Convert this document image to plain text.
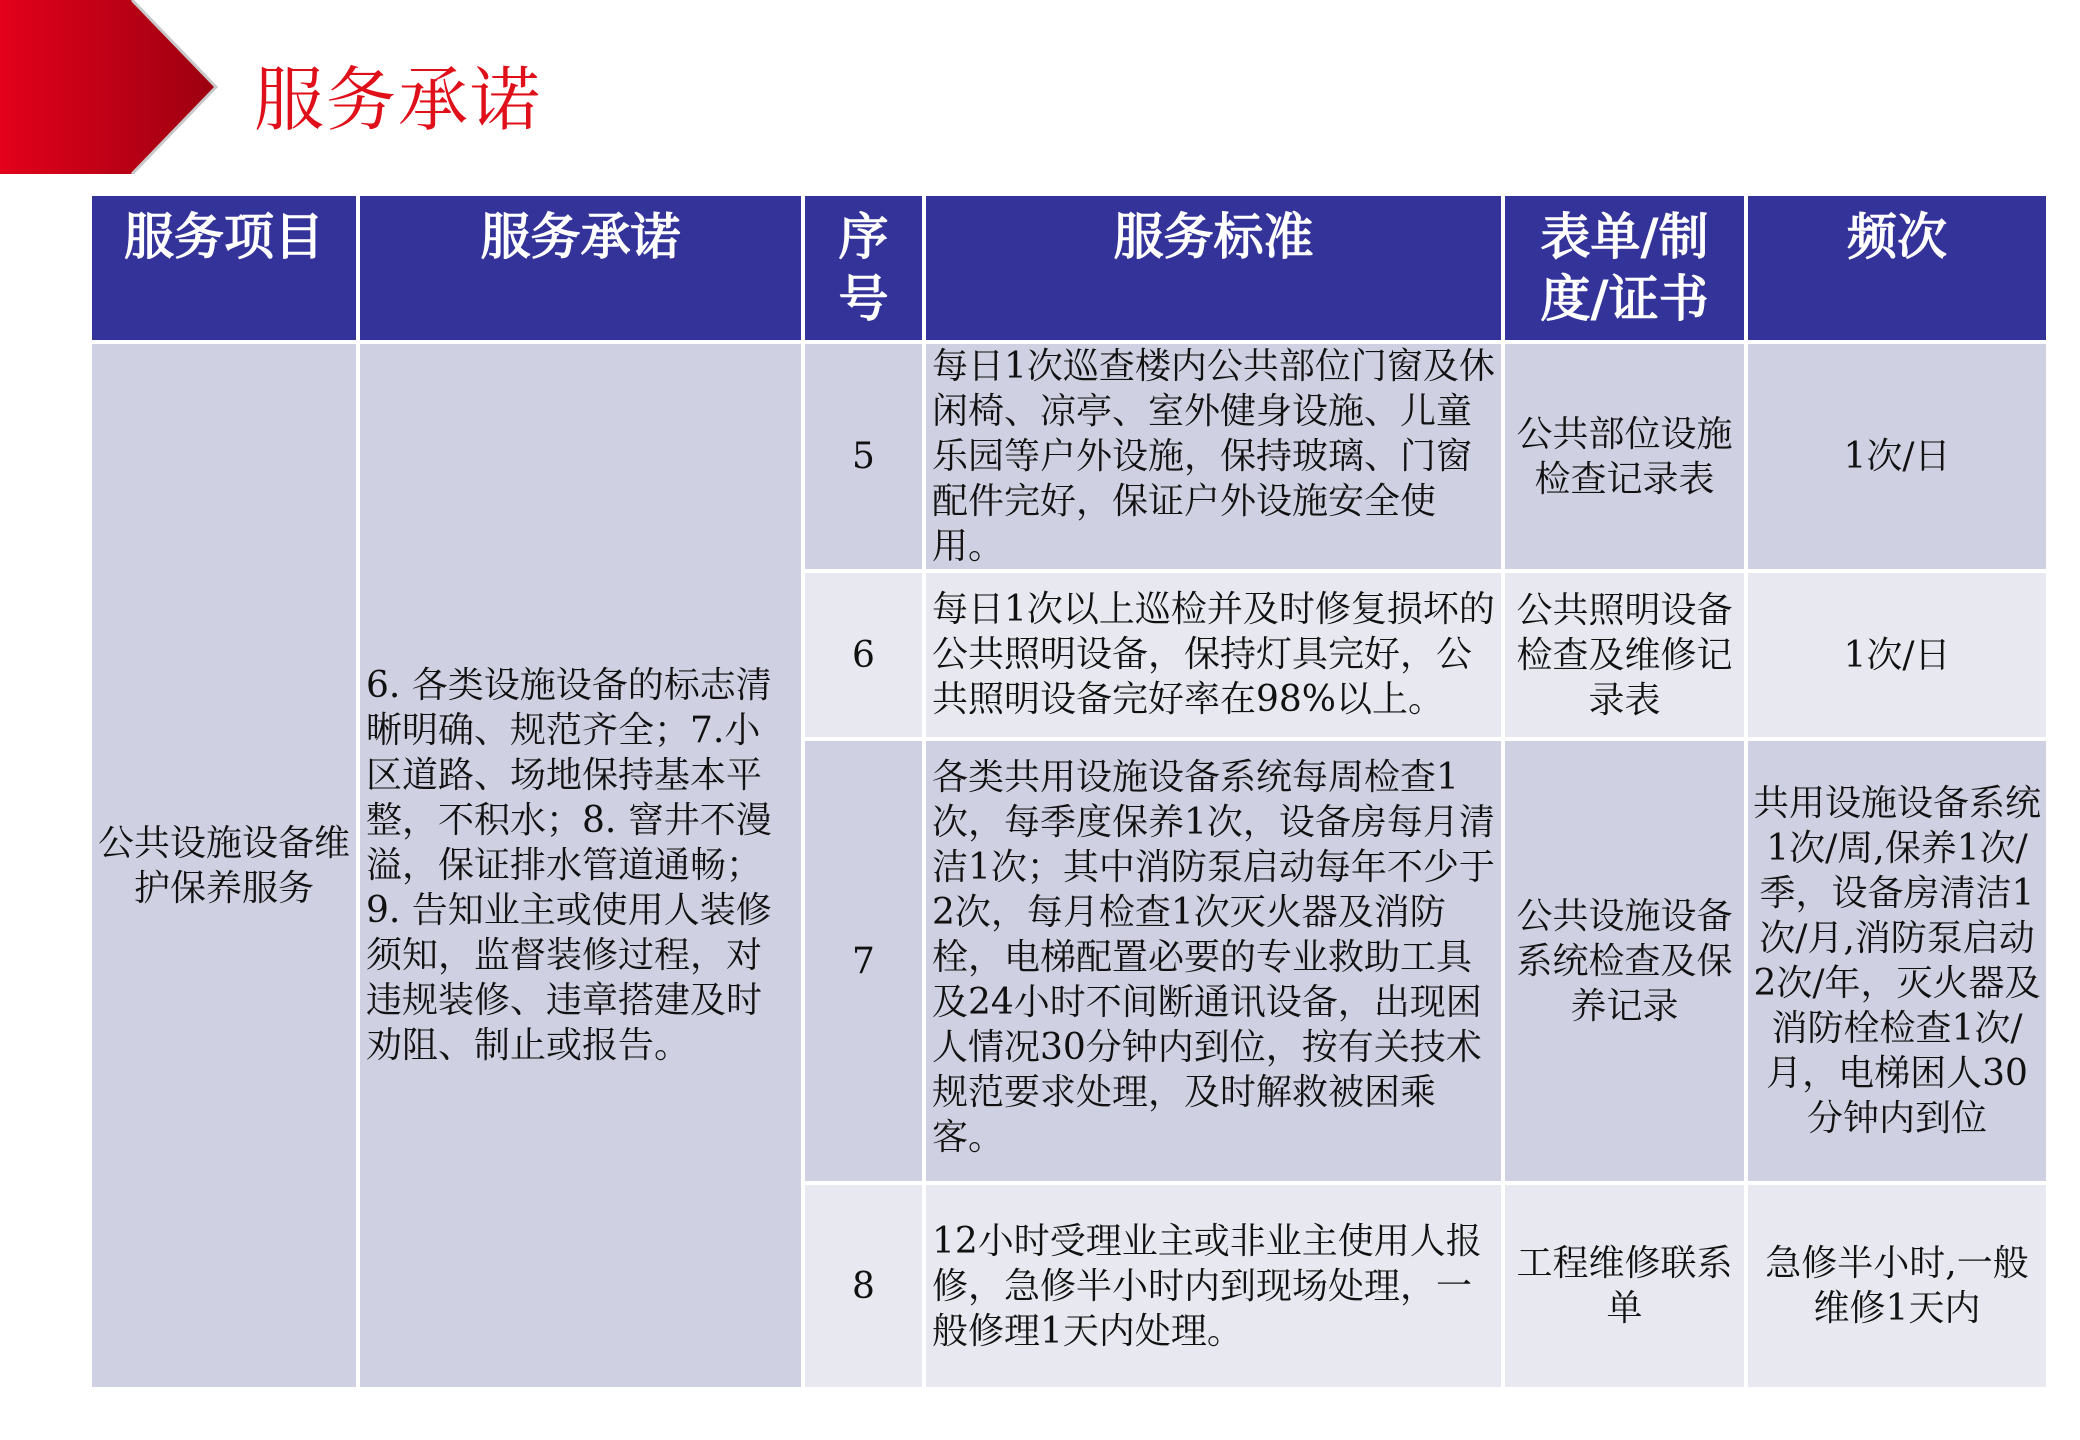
服务承诺
服务项目	服务承诺	序号	服务标准	表单/制度/证书	频次
公共设施设备维护保养服务	6. 各类设施设备的标志清晰明确、规范齐全；7.小区道路、场地保持基本平整，不积水；8. 窨井不漫溢，保证排水管道通畅；9. 告知业主或使用人装修须知，监督装修过程，对违规装修、违章搭建及时劝阻、制止或报告。	5	每日1次巡查楼内公共部位门窗及休闲椅、凉亭、室外健身设施、儿童乐园等户外设施，保持玻璃、门窗配件完好，保证户外设施安全使用。	公共部位设施检查记录表	1次/日
		6	每日1次以上巡检并及时修复损坏的公共照明设备，保持灯具完好，公共照明设备完好率在98%以上。	公共照明设备检查及维修记录表	1次/日
		7	各类共用设施设备系统每周检查1次，每季度保养1次，设备房每月清洁1次；其中消防泵启动每年不少于2次，每月检查1次灭火器及消防栓，电梯配置必要的专业救助工具及24小时不间断通讯设备，出现困人情况30分钟内到位，按有关技术规范要求处理，及时解救被困乘客。	公共设施设备系统检查及保养记录	共用设施设备系统1次/周,保养1次/季，设备房清洁1次/月,消防泵启动2次/年，灭火器及消防栓检查1次/月，电梯困人30分钟内到位
		8	12小时受理业主或非业主使用人报修，急修半小时内到现场处理，一般修理1天内处理。	工程维修联系单	急修半小时,一般维修1天内
